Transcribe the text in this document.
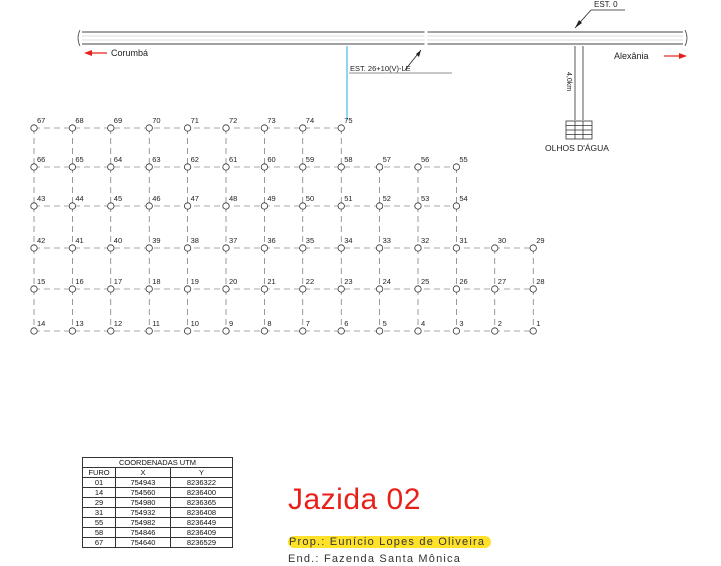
EST. 0
Corumbá	Alexânia
EST. 26+10(V)-LE
4,0km
OLHOS D'ÁGUA
67	68	69	70	71	72	73	74	75
66	65	64	63	62	61	60	59	58	57	56	55
43	44	45	46	47	48	49	50	51	52	53	54
42	41	40	39	38	37	36	35	34	33	32	31	30	29
15	16	17	18	19	20	21	22	23	24	25	26	27	28
14	13	12	11	10	9	8	7	6	5	4	3	2	1
COORDENADAS UTM		
FURO	X	Y
01	754943	8236322
14	754560	8236400
29	754980	8236365
31	754932	8236408
55	754982	8236449
58	754846	8236409
67	754640	8236529
Jazida 02
Prop.: Eunício Lopes de Oliveira
End.: Fazenda Santa Mônica
